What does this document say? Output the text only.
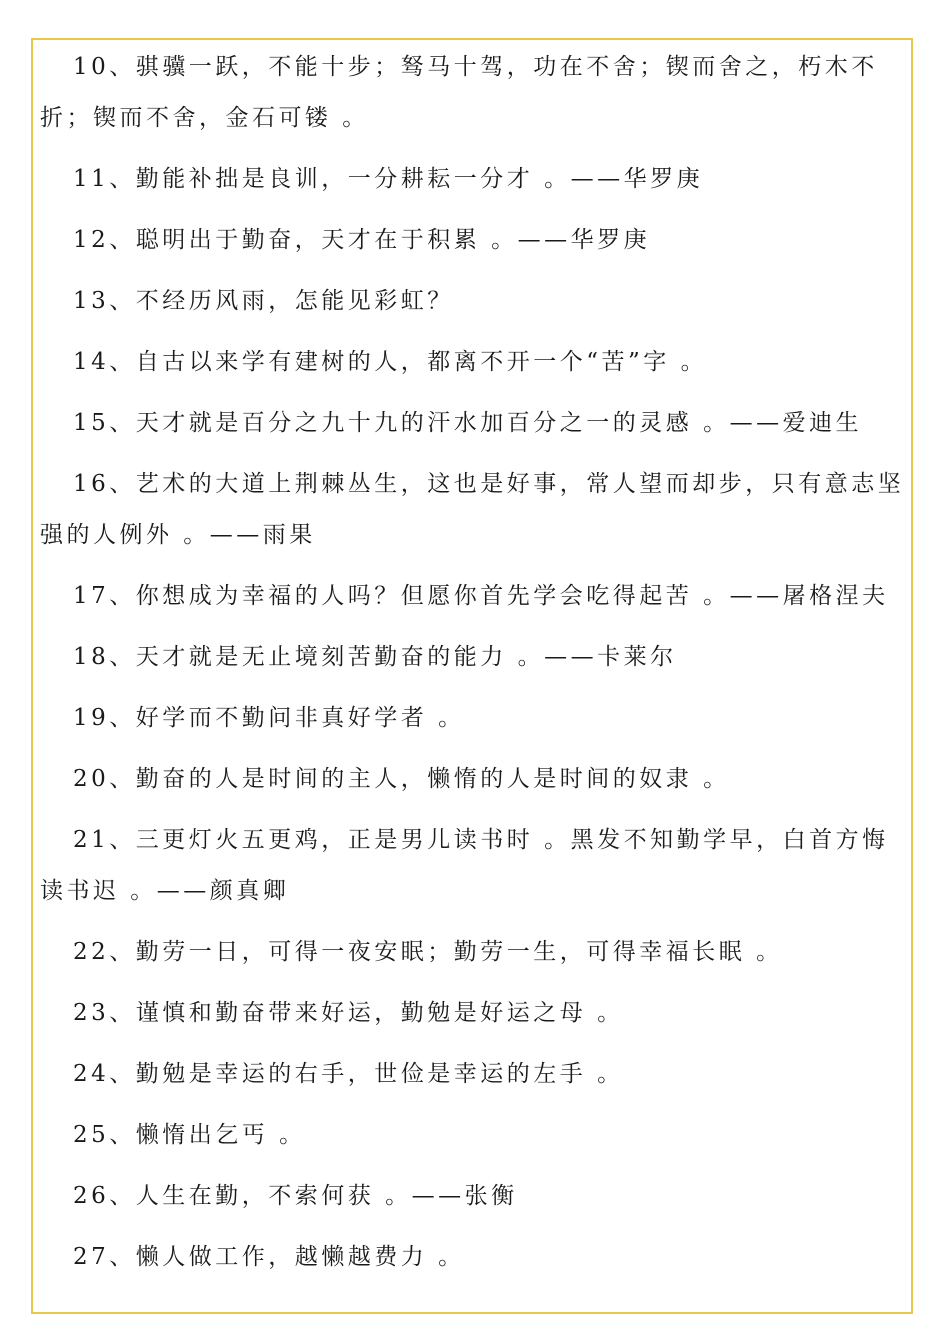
10、骐骥一跃，不能十步；驽马十驾，功在不舍；锲而舍之，朽木不折；锲而不舍，金石可镂 。
11、勤能补拙是良训，一分耕耘一分才 。——华罗庚
12、聪明出于勤奋，天才在于积累 。——华罗庚
13、不经历风雨，怎能见彩虹？
14、自古以来学有建树的人，都离不开一个“苦”字 。
15、天才就是百分之九十九的汗水加百分之一的灵感 。——爱迪生
16、艺术的大道上荆棘丛生，这也是好事，常人望而却步，只有意志坚强的人例外 。——雨果
17、你想成为幸福的人吗？但愿你首先学会吃得起苦 。——屠格涅夫
18、天才就是无止境刻苦勤奋的能力 。——卡莱尔
19、好学而不勤问非真好学者 。
20、勤奋的人是时间的主人，懒惰的人是时间的奴隶 。
21、三更灯火五更鸡，正是男儿读书时 。黑发不知勤学早，白首方悔读书迟 。——颜真卿
22、勤劳一日，可得一夜安眠；勤劳一生，可得幸福长眠 。
23、谨慎和勤奋带来好运，勤勉是好运之母 。
24、勤勉是幸运的右手，世俭是幸运的左手 。
25、懒惰出乞丐 。
26、人生在勤，不索何获 。——张衡
27、懒人做工作，越懒越费力 。
